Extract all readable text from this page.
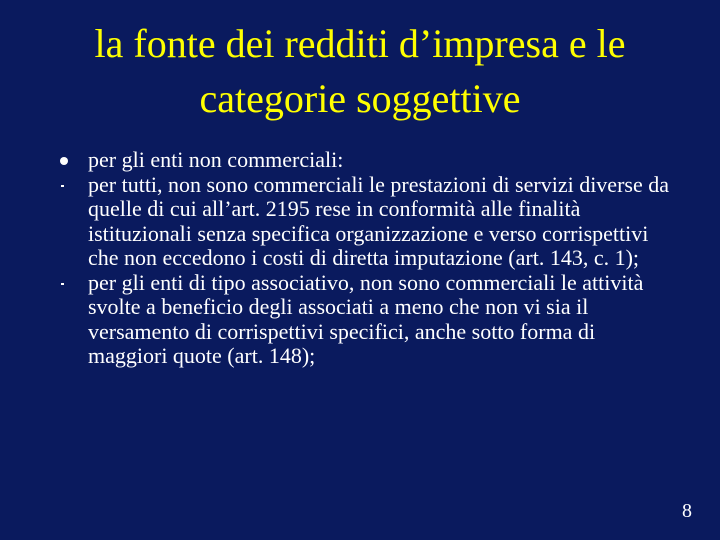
la fonte dei redditi d’impresa e le categorie soggettive
per gli enti non commerciali:
per tutti, non sono commerciali le prestazioni di servizi diverse da quelle di cui all’art. 2195 rese in conformità alle finalità istituzionali senza specifica organizzazione e verso corrispettivi che non eccedono i costi di diretta imputazione (art. 143, c. 1);
per gli enti di tipo associativo, non sono commerciali le attività svolte a beneficio degli associati a meno che non vi sia il versamento di corrispettivi specifici, anche sotto forma di maggiori quote (art. 148);
8
